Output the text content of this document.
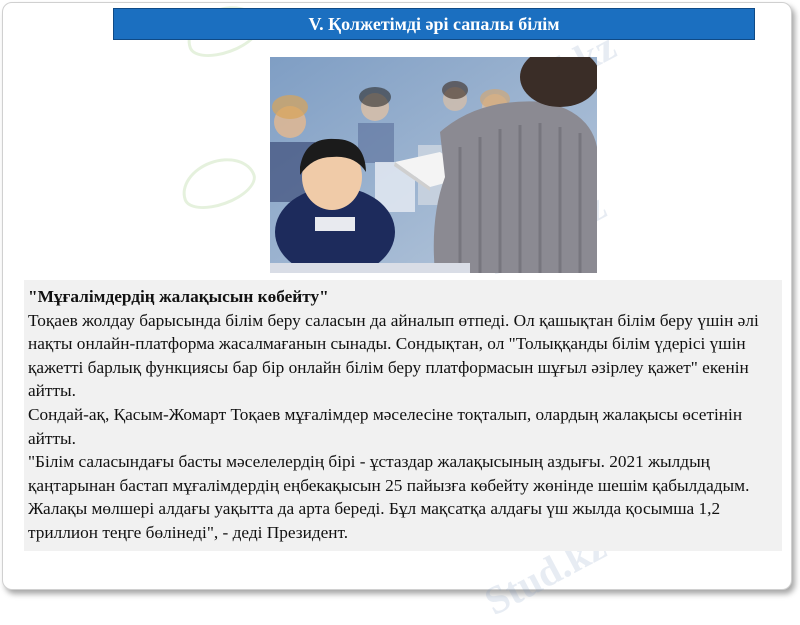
V. Қолжетімді әрі сапалы білім

"Мұғалімдердің жалақысын көбейту"

Тоқаев жолдау барысында білім беру саласын да айналып өтпеді. Ол қашықтан білім беру үшін әлі нақты онлайн-платформа жасалмағанын сынады. Сондықтан, ол "Толыққанды білім үдерісі үшін қажетті барлық функциясы бар бір онлайн білім беру платформасын шұғыл әзірлеу қажет" екенін айтты.

Сондай-ақ, Қасым-Жомарт Тоқаев мұғалімдер мәселесіне тоқталып, олардың жалақысы өсетінін айтты.

"Білім саласындағы басты мәселелердің бірі - ұстаздар жалақысының аздығы. 2021 жылдың қаңтарынан бастап мұғалімдердің еңбекақысын 25 пайызға көбейту жөнінде шешім қабылдадым. Жалақы мөлшері алдағы уақытта да арта береді. Бұл мақсатқа алдағы үш жылда қосымша 1,2 триллион теңге бөлінеді", - деді Президент.
